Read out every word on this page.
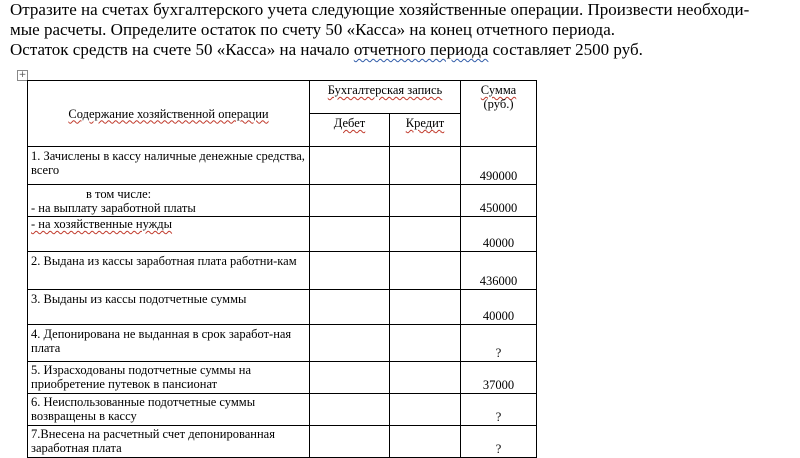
Отразите на счетах бухгалтерского учета следующие хозяйственные операции. Произвести необходи-

мые расчеты. Определите остаток по счету 50 «Касса» на конец отчетного периода.

Остаток средств на счете 50 «Касса» на начало отчетного периода составляет 2500 руб.

+
Содержание хозяйственной операции	Бухгалтерская запись		Сумма
(руб.)
	Дебет	Кредит	
1. Зачислены в кассу наличные денежные средства, всего			490000

в том числе:
- на выплату заработной платы			450000
- на хозяйственные нужды			40000
2. Выдана из кассы заработная плата работни-кам			436000
3. Выданы из кассы подотчетные суммы			40000
4. Депонирована не выданная в срок заработ-ная плата			?
5. Израсходованы подотчетные суммы на приобретение путевок в пансионат			37000
6. Неиспользованные подотчетные суммы возвращены в кассу			?
7.Внесена на расчетный счет депонированная заработная плата			?
